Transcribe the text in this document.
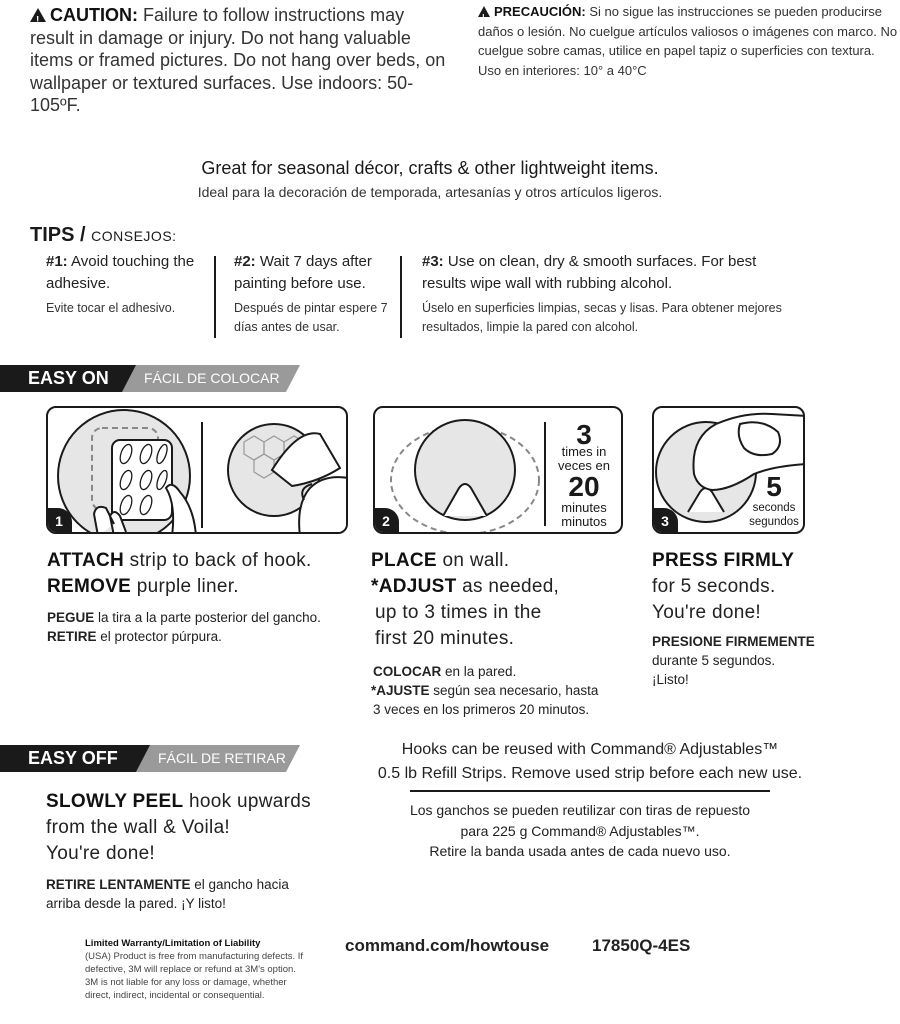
!CAUTION: Failure to follow instructions may result in damage or injury. Do not hang valuable items or framed pictures. Do not hang over beds, on wallpaper or textured surfaces. Use indoors: 50-105ºF.
!PRECAUCIÓN: Si no sigue las instrucciones se pueden producirse daños o lesión. No cuelgue artículos valiosos o imágenes con marco. No cuelgue sobre camas, utilice en papel tapiz o superficies con textura. Uso en interiores: 10° a 40°C
Great for seasonal décor, crafts & other lightweight items.
Ideal para la decoración de temporada, artesanías y otros artículos ligeros.
TIPS / CONSEJOS:
#1: Avoid touching the adhesive.
Evite tocar el adhesivo.
#2: Wait 7 days after painting before use.
Después de pintar espere 7 días antes de usar.
#3: Use on clean, dry & smooth surfaces. For best results wipe wall with rubbing alcohol.
Úselo en superficies limpias, secas y lisas. Para obtener mejores resultados, limpie la pared con alcohol.
FÁCIL DE COLOCAR
EASY ON
1
3
times in
veces en
20
minutes
minutos
2
5
seconds
segundos
3
ATTACH strip to back of hook.
REMOVE purple liner.
PEGUE la tira a la parte posterior del gancho.
RETIRE el protector púrpura.
PLACE on wall.
*ADJUST as needed,
up to 3 times in the
first 20 minutes.
COLOCAR en la pared.
*AJUSTE según sea necesario, hasta
3 veces en los primeros 20 minutos.
PRESS FIRMLY
for 5 seconds.
You're done!
PRESIONE FIRMEMENTE
durante 5 segundos.
¡Listo!
FÁCIL DE RETIRAR
EASY OFF
SLOWLY PEEL hook upwards
from the wall & Voila!
You're done!
RETIRE LENTAMENTE el gancho hacia
arriba desde la pared. ¡Y listo!
Hooks can be reused with Command® Adjustables™
0.5 lb Refill Strips. Remove used strip before each new use.
Los ganchos se pueden reutilizar con tiras de repuesto
para 225 g Command® Adjustables™.
Retire la banda usada antes de cada nuevo uso.
Limited Warranty/Limitation of Liability
(USA) Product is free from manufacturing defects. If defective, 3M will replace or refund at 3M's option. 3M is not liable for any loss or damage, whether direct, indirect, incidental or consequential.
command.com/howtouse	17850Q-4ES
